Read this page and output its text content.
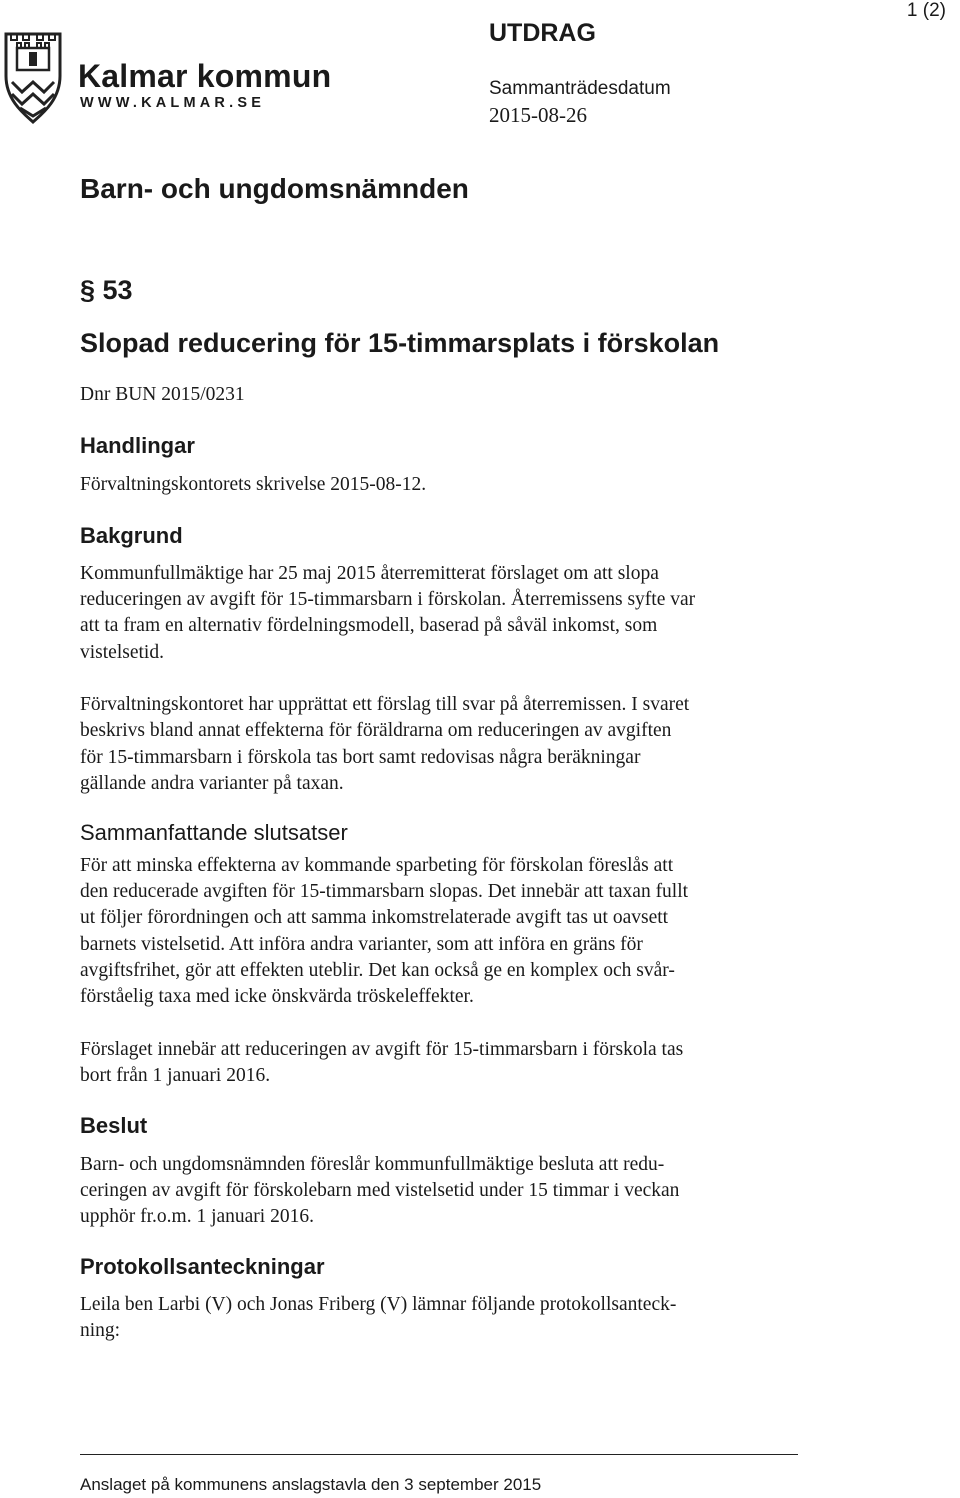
1 (2)
Kalmar kommun
WWW.KALMAR.SE
UTDRAG
Sammanträdesdatum
2015-08-26
Barn- och ungdomsnämnden
§ 53
Slopad reducering för 15-timmarsplats i förskolan
Dnr BUN 2015/0231
Handlingar
Förvaltningskontorets skrivelse 2015-08-12.
Bakgrund
Kommunfullmäktige har 25 maj 2015 återremitterat förslaget om att slopa
reduceringen av avgift för 15-timmarsbarn i förskolan. Återremissens syfte var
att ta fram en alternativ fördelningsmodell, baserad på såväl inkomst, som
vistelsetid.
Förvaltningskontoret har upprättat ett förslag till svar på återremissen. I svaret
beskrivs bland annat effekterna för föräldrarna om reduceringen av avgiften
för 15-timmarsbarn i förskola tas bort samt redovisas några beräkningar
gällande andra varianter på taxan.
Sammanfattande slutsatser
För att minska effekterna av kommande sparbeting för förskolan föreslås att
den reducerade avgiften för 15-timmarsbarn slopas. Det innebär att taxan fullt
ut följer förordningen och att samma inkomstrelaterade avgift tas ut oavsett
barnets vistelsetid. Att införa andra varianter, som att införa en gräns för
avgiftsfrihet, gör att effekten uteblir. Det kan också ge en komplex och svår-
förståelig taxa med icke önskvärda tröskeleffekter.
Förslaget innebär att reduceringen av avgift för 15-timmarsbarn i förskola tas
bort från 1 januari 2016.
Beslut
Barn- och ungdomsnämnden föreslår kommunfullmäktige besluta att redu-
ceringen av avgift för förskolebarn med vistelsetid under 15 timmar i veckan
upphör fr.o.m. 1 januari 2016.
Protokollsanteckningar
Leila ben Larbi (V) och Jonas Friberg (V) lämnar följande protokollsanteck-
ning:
Anslaget på kommunens anslagstavla den 3 september 2015
